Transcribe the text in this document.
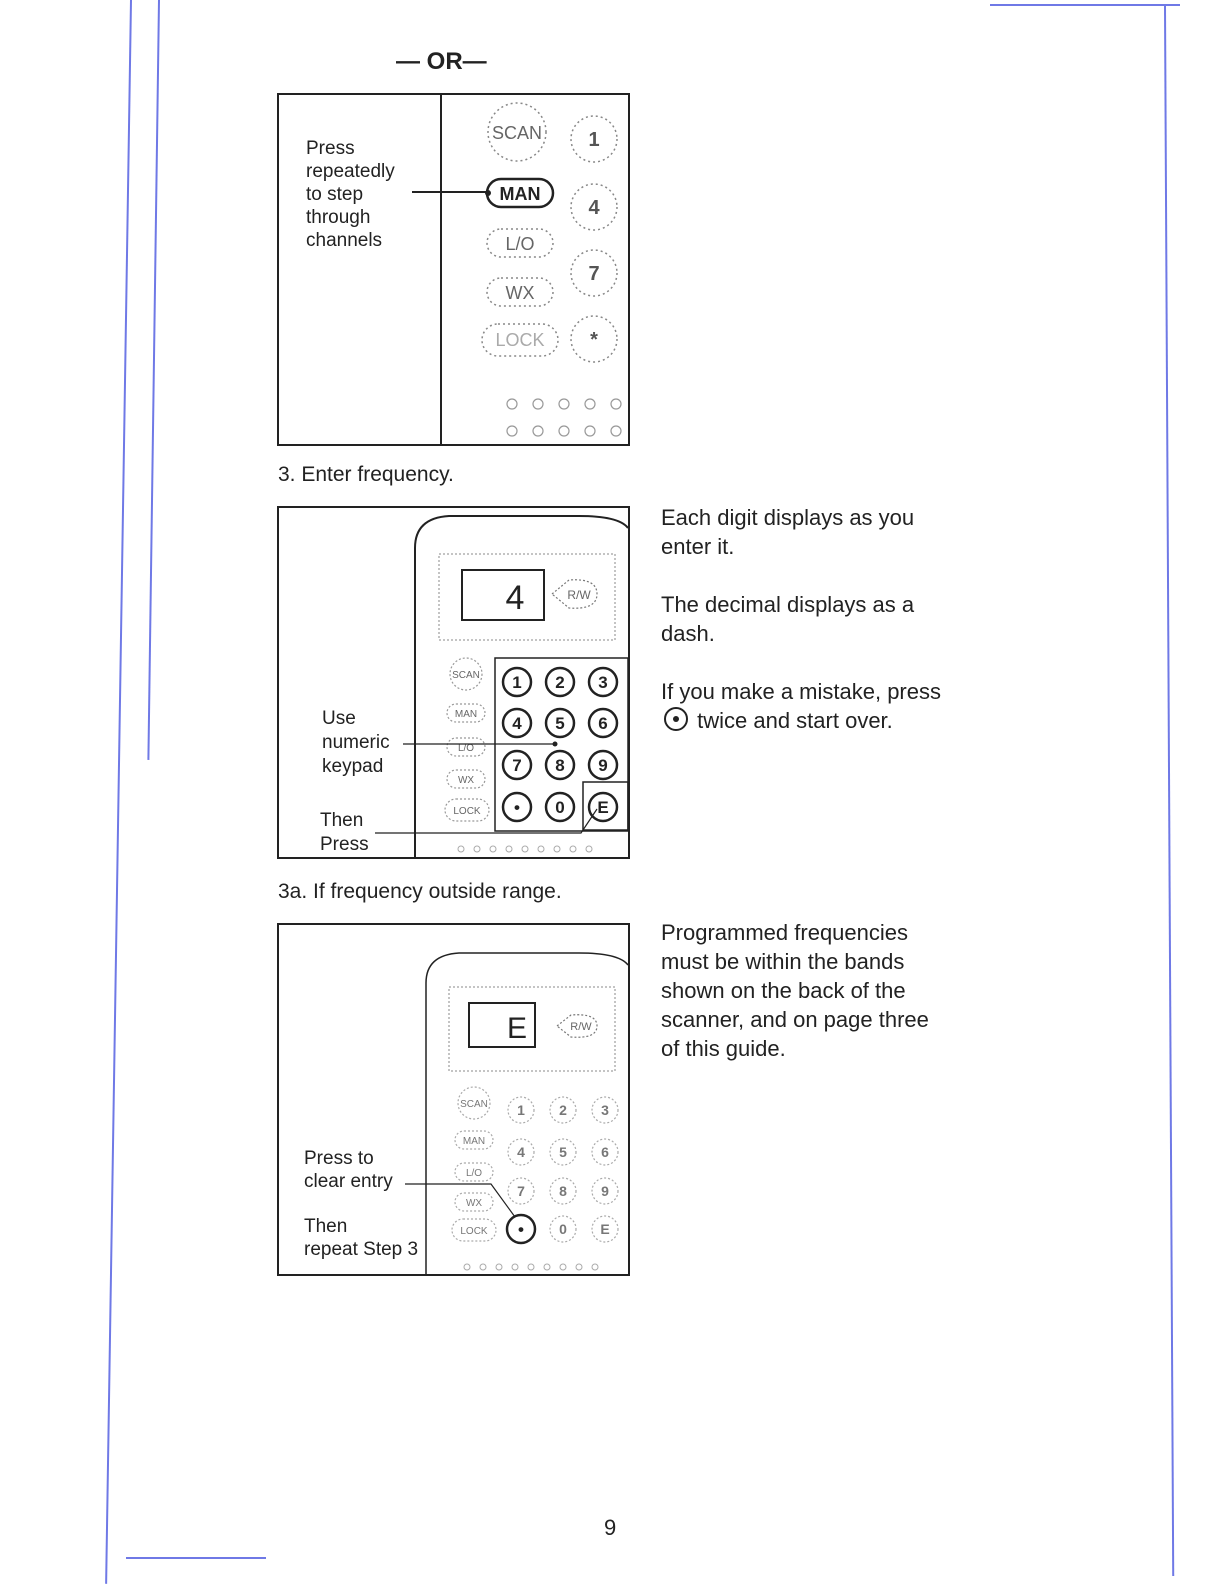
— OR—
Press
repeatedly
to step
through
channels
SCAN
L/O
WX
LOCK
MAN
1
4
7
*
3. Enter frequency.
4	R/W
SCAN
MAN
L/O
WX
LOCK
1 2 3
4 5 6
7 8 9
• 0 E
Use
numeric
keypad
Then
Press

Each digit displays as you enter it.

The decimal displays as a dash.

If you make a mistake, press  twice and start over.

3a. If frequency outside range.
E	R/W
SCAN
MAN
L/O
WX
LOCK
1 2 3
4 5 6
7 8 9
0 E
•
Press to
clear entry
Then
repeat Step 3
Programmed frequencies must be within the bands shown on the back of the scanner, and on page three of this guide.
9
